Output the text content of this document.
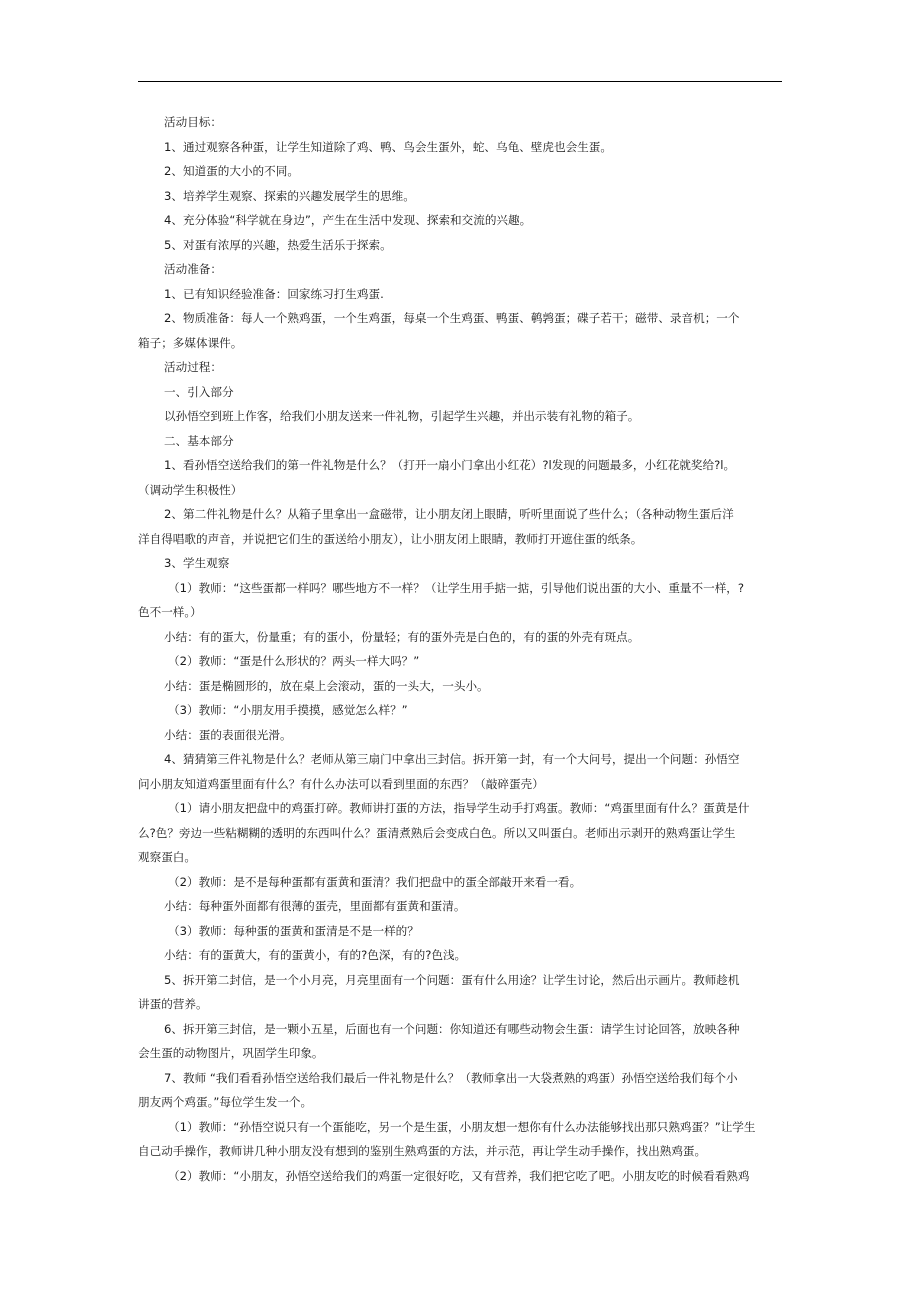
活动目标：

1、通过观察各种蛋，让学生知道除了鸡、鸭、鸟会生蛋外，蛇、乌龟、壁虎也会生蛋。

2、知道蛋的大小的不同。

3、培养学生观察、探索的兴趣发展学生的思维。

4、充分体验“科学就在身边”，产生在生活中发现、探索和交流的兴趣。

5、对蛋有浓厚的兴趣，热爱生活乐于探索。

活动准备：

1、已有知识经验准备：回家练习打生鸡蛋.

2、物质准备：每人一个熟鸡蛋，一个生鸡蛋，每桌一个生鸡蛋、鸭蛋、鹌鹑蛋；碟子若干；磁带、录音机；一个

箱子；多媒体课件。

活动过程：

一、引入部分

以孙悟空到班上作客，给我们小朋友送来一件礼物，引起学生兴趣，并出示装有礼物的箱子。

二、基本部分

1、看孙悟空送给我们的第一件礼物是什么？（打开一扇小门拿出小红花）?l发现的问题最多，小红花就奖给?l。

（调动学生积极性）

2、第二件礼物是什么？从箱子里拿出一盒磁带，让小朋友闭上眼睛，听听里面说了些什么；（各种动物生蛋后洋

洋自得唱歌的声音，并说把它们生的蛋送给小朋友），让小朋友闭上眼睛，教师打开遮住蛋的纸条。

3、学生观察

（1）教师：“这些蛋都一样吗？哪些地方不一样？（让学生用手掂一掂，引导他们说出蛋的大小、重量不一样，?

色不一样。）

小结：有的蛋大，份量重；有的蛋小，份量轻；有的蛋外壳是白色的，有的蛋的外壳有斑点。

（2）教师：“蛋是什么形状的？两头一样大吗？”

小结：蛋是椭圆形的，放在桌上会滚动，蛋的一头大，一头小。

（3）教师：“小朋友用手摸摸，感觉怎么样？”

小结：蛋的表面很光滑。

4、猜猜第三件礼物是什么？老师从第三扇门中拿出三封信。拆开第一封，有一个大问号，提出一个问题：孙悟空

问小朋友知道鸡蛋里面有什么？有什么办法可以看到里面的东西？（敲碎蛋壳）

（1）请小朋友把盘中的鸡蛋打碎。教师讲打蛋的方法，指导学生动手打鸡蛋。教师：“鸡蛋里面有什么？蛋黄是什

么?色？旁边一些粘糊糊的透明的东西叫什么？蛋清煮熟后会变成白色。所以又叫蛋白。老师出示剥开的熟鸡蛋让学生

观察蛋白。

（2）教师：是不是每种蛋都有蛋黄和蛋清？我们把盘中的蛋全部敲开来看一看。

小结：每种蛋外面都有很薄的蛋壳，里面都有蛋黄和蛋清。

（3）教师：每种蛋的蛋黄和蛋清是不是一样的？

小结：有的蛋黄大，有的蛋黄小，有的?色深，有的?色浅。

5、拆开第二封信，是一个小月亮，月亮里面有一个问题：蛋有什么用途？让学生讨论，然后出示画片。教师趁机

讲蛋的营养。

6、拆开第三封信，是一颗小五星，后面也有一个问题：你知道还有哪些动物会生蛋：请学生讨论回答，放映各种

会生蛋的动物图片，巩固学生印象。

7、教师 “我们看看孙悟空送给我们最后一件礼物是什么？（教师拿出一大袋煮熟的鸡蛋）孙悟空送给我们每个小

朋友两个鸡蛋。”每位学生发一个。

（1）教师：“孙悟空说只有一个蛋能吃，另一个是生蛋，小朋友想一想你有什么办法能够找出那只熟鸡蛋？”让学生

自己动手操作，教师讲几种小朋友没有想到的鉴别生熟鸡蛋的方法，并示范，再让学生动手操作，找出熟鸡蛋。

（2）教师：“小朋友，孙悟空送给我们的鸡蛋一定很好吃，又有营养，我们把它吃了吧。小朋友吃的时候看看熟鸡
